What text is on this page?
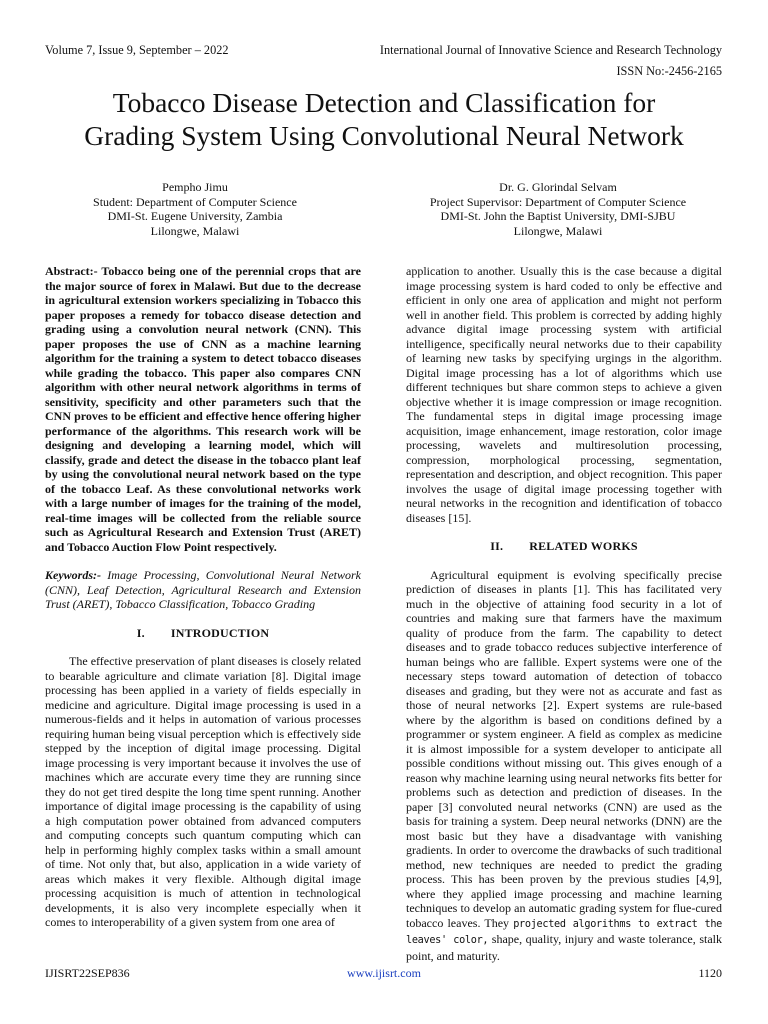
Volume 7, Issue 9, September – 2022	International Journal of Innovative Science and Research Technology
ISSN No:-2456-2165
Tobacco Disease Detection and Classification for
Grading System Using Convolutional Neural Network
Pempho Jimu
Student: Department of Computer Science
DMI-St. Eugene University, Zambia
Lilongwe, Malawi
Dr. G. Glorindal Selvam
Project Supervisor: Department of Computer Science
DMI-St. John the Baptist University, DMI-SJBU
Lilongwe, Malawi

Abstract:- Tobacco being one of the perennial crops that are the major source of forex in Malawi. But due to the decrease in agricultural extension workers specializing in Tobacco this paper proposes a remedy for tobacco disease detection and grading using a convolution neural network (CNN). This paper proposes the use of CNN as a machine learning algorithm for the training a system to detect tobacco diseases while grading the tobacco. This paper also compares CNN algorithm with other neural network algorithms in terms of sensitivity, specificity and other parameters such that the CNN proves to be efficient and effective hence offering higher performance of the algorithms. This research work will be designing and developing a learning model, which will classify, grade and detect the disease in the tobacco plant leaf by using the convolutional neural network based on the type of the tobacco Leaf. As these convolutional networks work with a large number of images for the training of the model, real-time images will be collected from the reliable source such as Agricultural Research and Extension Trust (ARET) and Tobacco Auction Flow Point respectively.

Keywords:- Image Processing, Convolutional Neural Network (CNN), Leaf Detection, Agricultural Research and Extension Trust (ARET), Tobacco Classification, Tobacco Grading

I. INTRODUCTION

The effective preservation of plant diseases is closely related to bearable agriculture and climate variation [8]. Digital image processing has been applied in a variety of fields especially in medicine and agriculture. Digital image processing is used in a numerous-fields and it helps in automation of various processes requiring human being visual perception which is effectively side stepped by the inception of digital image processing. Digital image processing is very important because it involves the use of machines which are accurate every time they are running since they do not get tired despite the long time spent running. Another importance of digital image processing is the capability of using a high computation power obtained from advanced computers and computing concepts such quantum computing which can help in performing highly complex tasks within a small amount of time. Not only that, but also, application in a wide variety of areas which makes it very flexible. Although digital image processing acquisition is much of attention in technological developments, it is also very incomplete especially when it comes to interoperability of a given system from one area of

application to another. Usually this is the case because a digital image processing system is hard coded to only be effective and efficient in only one area of application and might not perform well in another field. This problem is corrected by adding highly advance digital image processing system with artificial intelligence, specifically neural networks due to their capability of learning new tasks by specifying urgings in the algorithm. Digital image processing has a lot of algorithms which use different techniques but share common steps to achieve a given objective whether it is image compression or image recognition. The fundamental steps in digital image processing image acquisition, image enhancement, image restoration, color image processing, wavelets and multiresolution processing, compression, morphological processing, segmentation, representation and description, and object recognition. This paper involves the usage of digital image processing together with neural networks in the recognition and identification of tobacco diseases [15].

II. RELATED WORKS

Agricultural equipment is evolving specifically precise prediction of diseases in plants [1]. This has facilitated very much in the objective of attaining food security in a lot of countries and making sure that farmers have the maximum quality of produce from the farm. The capability to detect diseases and to grade tobacco reduces subjective interference of human beings who are fallible. Expert systems were one of the necessary steps toward automation of detection of tobacco diseases and grading, but they were not as accurate and fast as those of neural networks [2]. Expert systems are rule-based where by the algorithm is based on conditions defined by a programmer or system engineer. A field as complex as medicine it is almost impossible for a system developer to anticipate all possible conditions without missing out. This gives enough of a reason why machine learning using neural networks fits better for problems such as detection and prediction of diseases. In the paper [3] convoluted neural networks (CNN) are used as the basis for training a system. Deep neural networks (DNN) are the most basic but they have a disadvantage with vanishing gradients. In order to overcome the drawbacks of such traditional method, new techniques are needed to predict the grading process. This has been proven by the previous studies [4,9], where they applied image processing and machine learning techniques to develop an automatic grading system for flue-cured tobacco leaves. They projected algorithms to extract the leaves' color, shape, quality, injury and waste tolerance, stalk point, and maturity.

IJISRT22SEP836	www.ijisrt.com	1120
